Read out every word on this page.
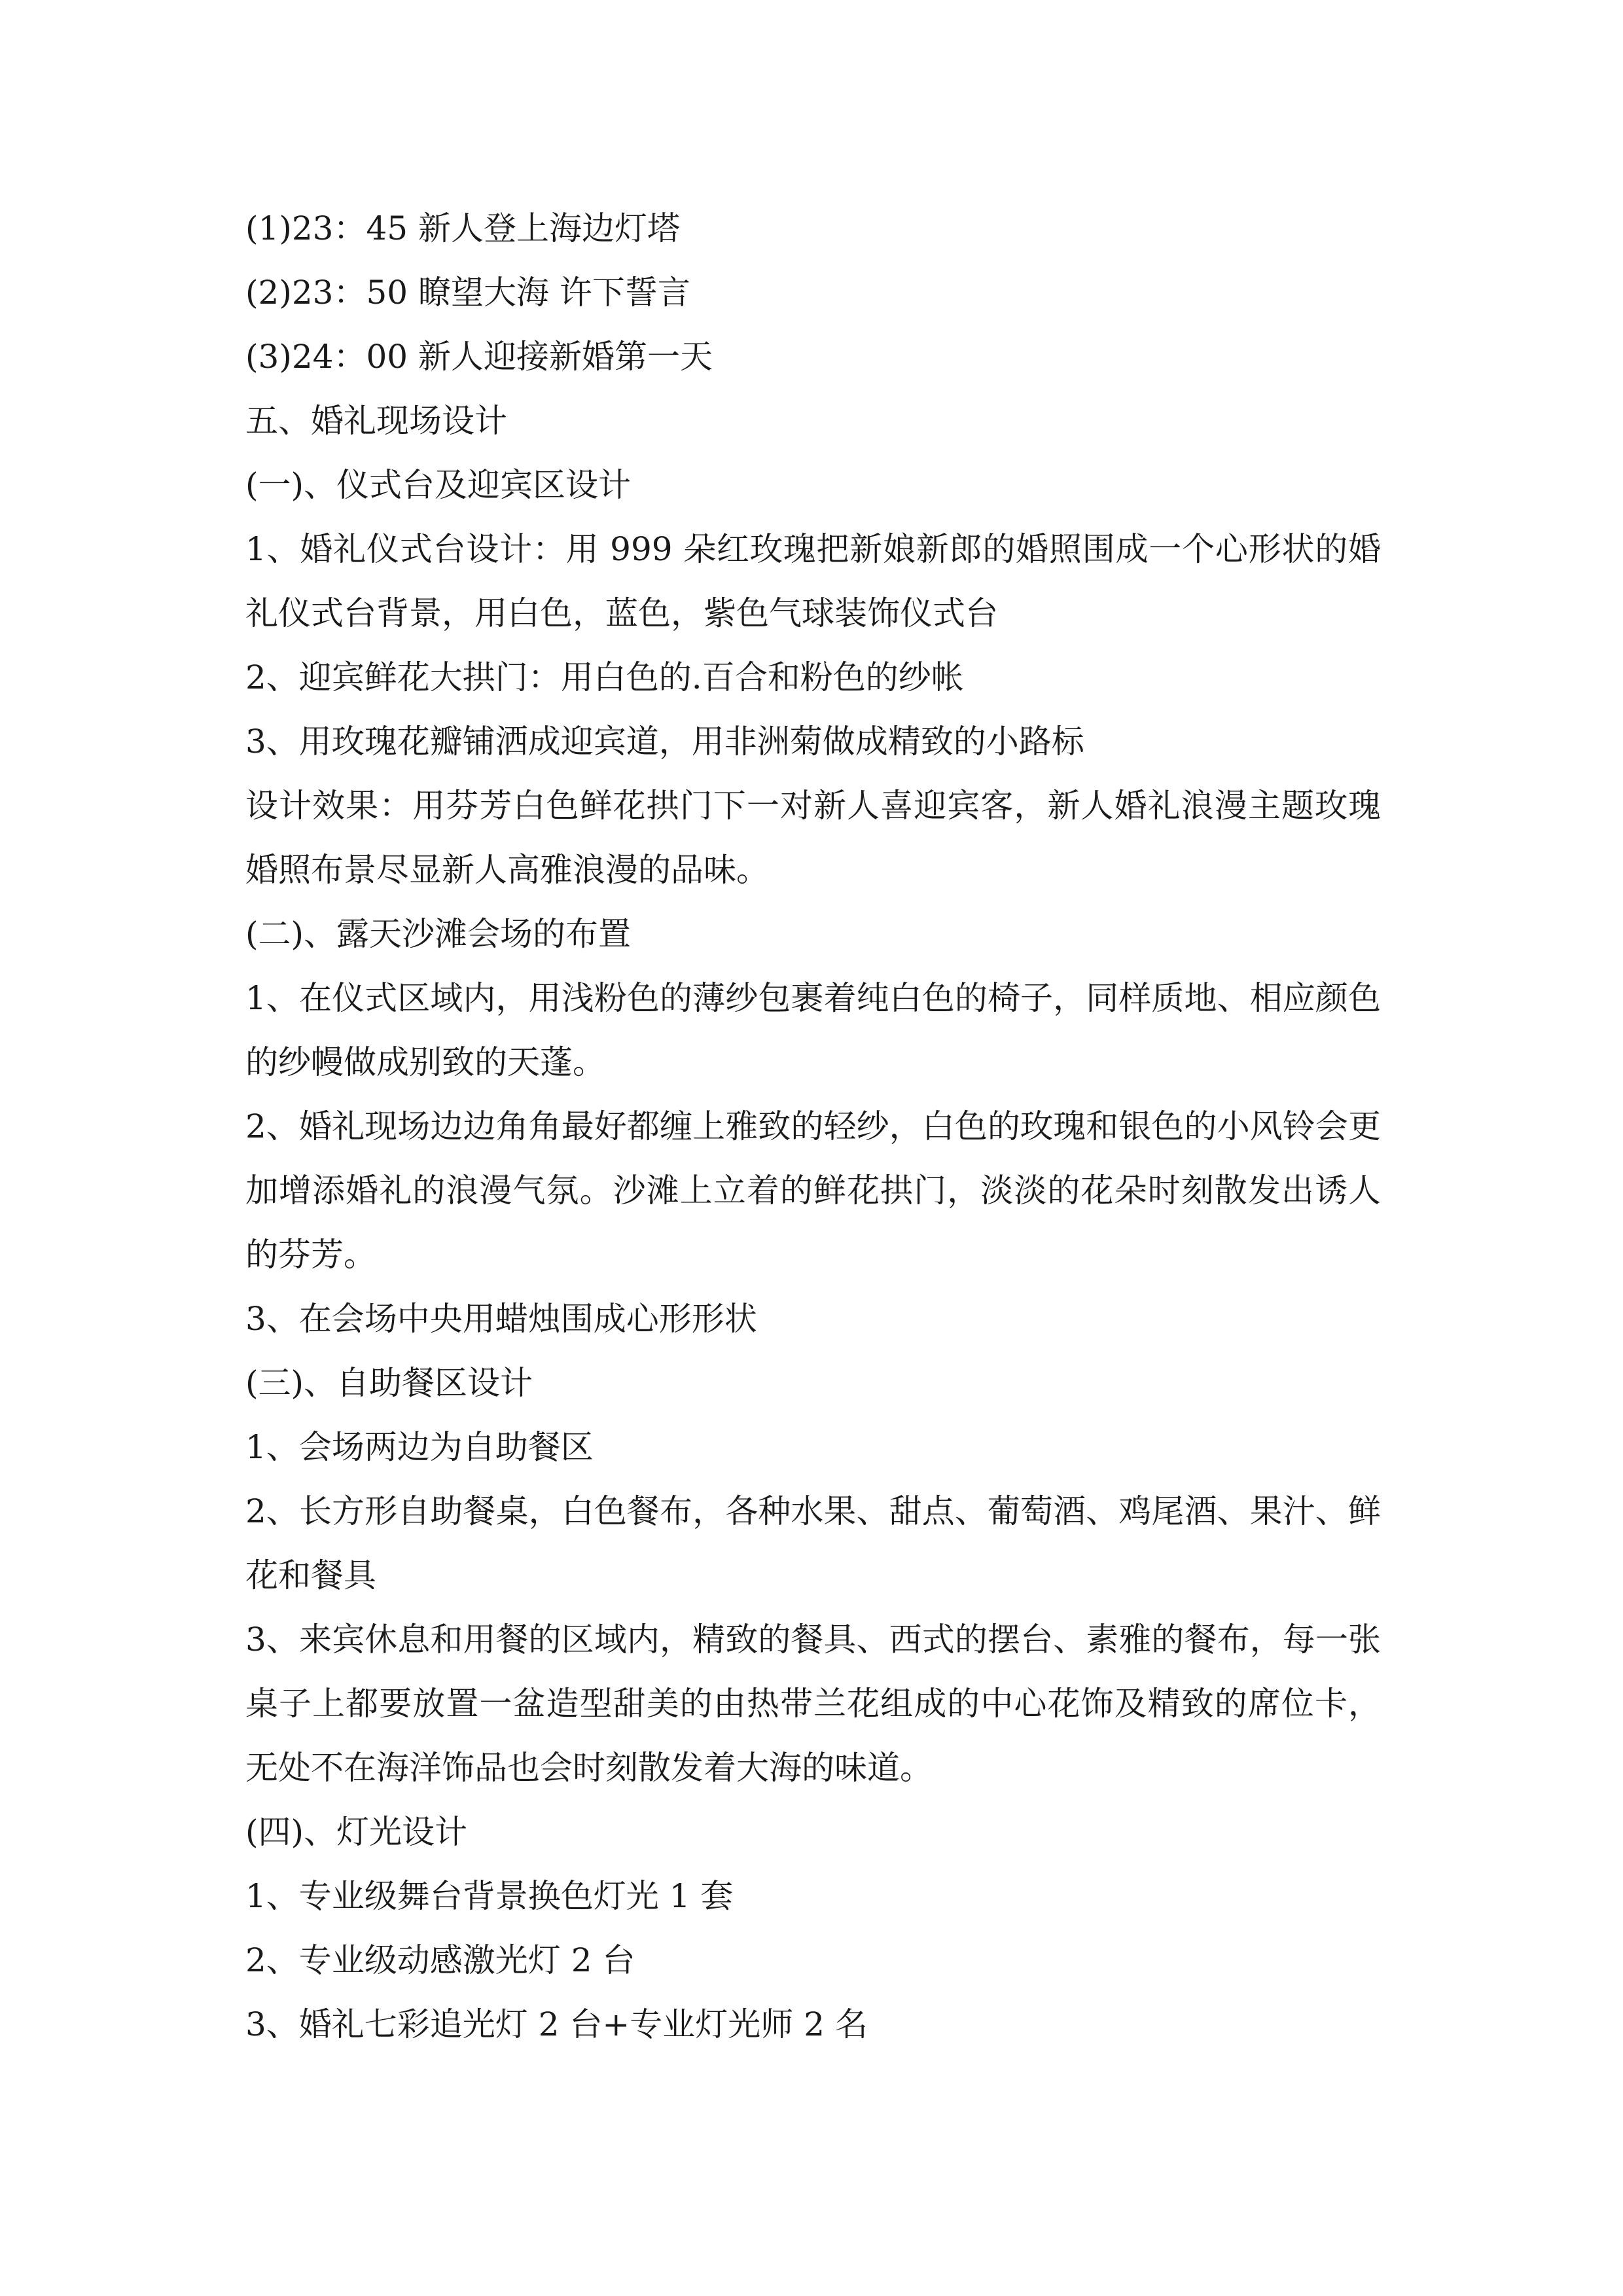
(1)23：45 新人登上海边灯塔

(2)23：50 瞭望大海 许下誓言

(3)24：00 新人迎接新婚第一天

五、婚礼现场设计

(一)、仪式台及迎宾区设计

1、婚礼仪式台设计：用 999 朵红玫瑰把新娘新郎的婚照围成一个心形状的婚礼仪式台背景，用白色，蓝色，紫色气球装饰仪式台

2、迎宾鲜花大拱门：用白色的.百合和粉色的纱帐

3、用玫瑰花瓣铺洒成迎宾道，用非洲菊做成精致的小路标

设计效果：用芬芳白色鲜花拱门下一对新人喜迎宾客，新人婚礼浪漫主题玫瑰婚照布景尽显新人高雅浪漫的品味。

(二)、露天沙滩会场的布置

1、在仪式区域内，用浅粉色的薄纱包裹着纯白色的椅子，同样质地、相应颜色的纱幔做成别致的天蓬。

2、婚礼现场边边角角最好都缠上雅致的轻纱，白色的玫瑰和银色的小风铃会更加增添婚礼的浪漫气氛。沙滩上立着的鲜花拱门，淡淡的花朵时刻散发出诱人的芬芳。

3、在会场中央用蜡烛围成心形形状

(三)、自助餐区设计

1、会场两边为自助餐区

2、长方形自助餐桌，白色餐布，各种水果、甜点、葡萄酒、鸡尾酒、果汁、鲜花和餐具

3、来宾休息和用餐的区域内，精致的餐具、西式的摆台、素雅的餐布，每一张桌子上都要放置一盆造型甜美的由热带兰花组成的中心花饰及精致的席位卡，无处不在海洋饰品也会时刻散发着大海的味道。

(四)、灯光设计

1、专业级舞台背景换色灯光 1 套

2、专业级动感激光灯 2 台

3、婚礼七彩追光灯 2 台+专业灯光师 2 名
